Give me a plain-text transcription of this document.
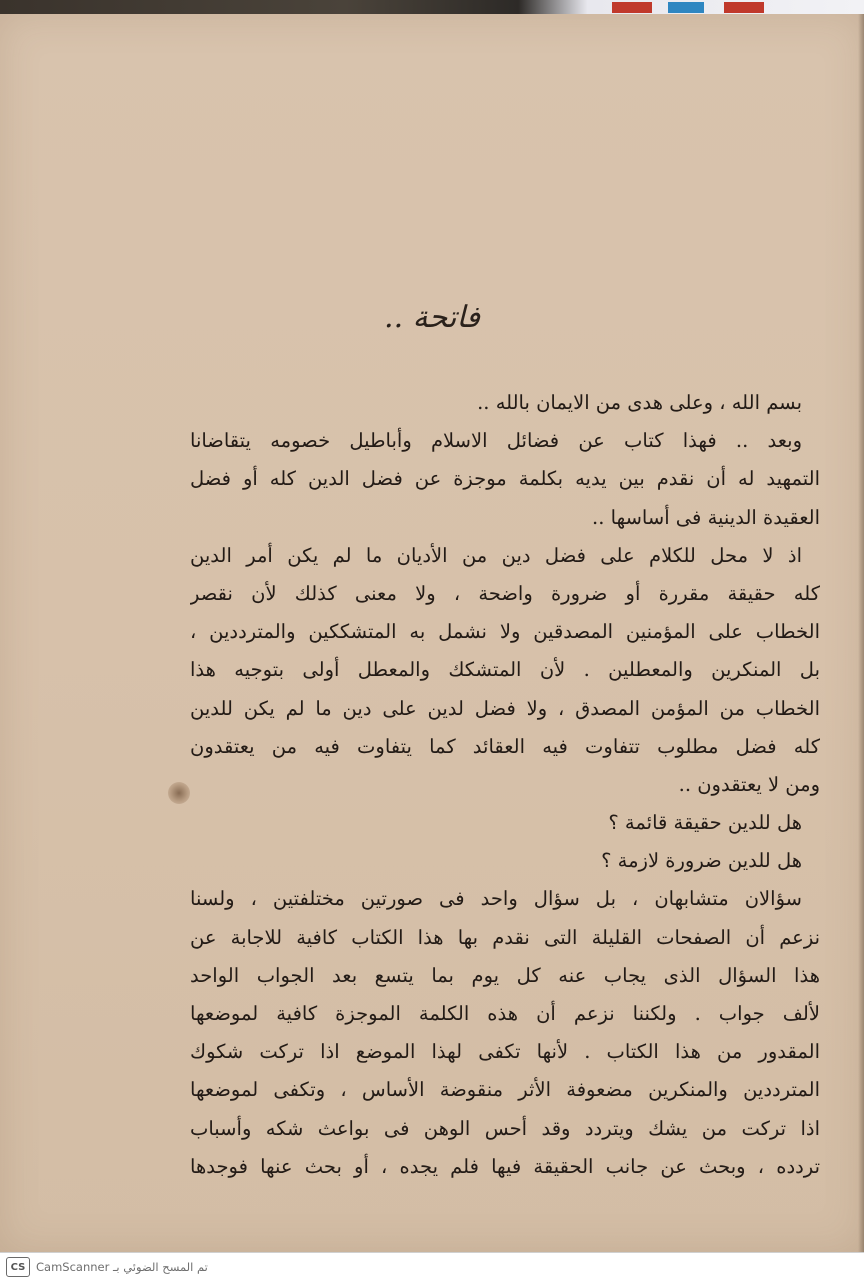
فاتحة ..
بسم الله ، وعلى هدى من الايمان بالله ..
وبعد .. فهذا كتاب عن فضائل الاسلام وأباطيل خصومه يتقاضانا
التمهيد له أن نقدم بين يديه بكلمة موجزة عن فضل الدين كله أو فضل
العقيدة الدينية فى أساسها ..
اذ لا محل للكلام على فضل دين من الأديان ما لم يكن أمر الدين
كله حقيقة مقررة أو ضرورة واضحة ، ولا معنى كذلك لأن نقصر
الخطاب على المؤمنين المصدقين ولا نشمل به المتشككين والمترددين ،
بل المنكرين والمعطلين . لأن المتشكك والمعطل أولى بتوجيه هذا
الخطاب من المؤمن المصدق ، ولا فضل لدين على دين ما لم يكن للدين
كله فضل مطلوب تتفاوت فيه العقائد كما يتفاوت فيه من يعتقدون
ومن لا يعتقدون ..
هل للدين حقيقة قائمة ؟
هل للدين ضرورة لازمة ؟
سؤالان متشابهان ، بل سؤال واحد فى صورتين مختلفتين ، ولسنا
نزعم أن الصفحات القليلة التى نقدم بها هذا الكتاب كافية للاجابة عن
هذا السؤال الذى يجاب عنه كل يوم بما يتسع بعد الجواب الواحد
لألف جواب . ولكننا نزعم أن هذه الكلمة الموجزة كافية لموضعها
المقدور من هذا الكتاب . لأنها تكفى لهذا الموضع اذا تركت شكوك
المترددين والمنكرين مضعوفة الأثر منقوضة الأساس ، وتكفى لموضعها
اذا تركت من يشك ويتردد وقد أحس الوهن فى بواعث شكه وأسباب
تردده ، وبحث عن جانب الحقيقة فيها فلم يجده ، أو بحث عنها فوجدها
CS تم المسح الضوئي بـ CamScanner
